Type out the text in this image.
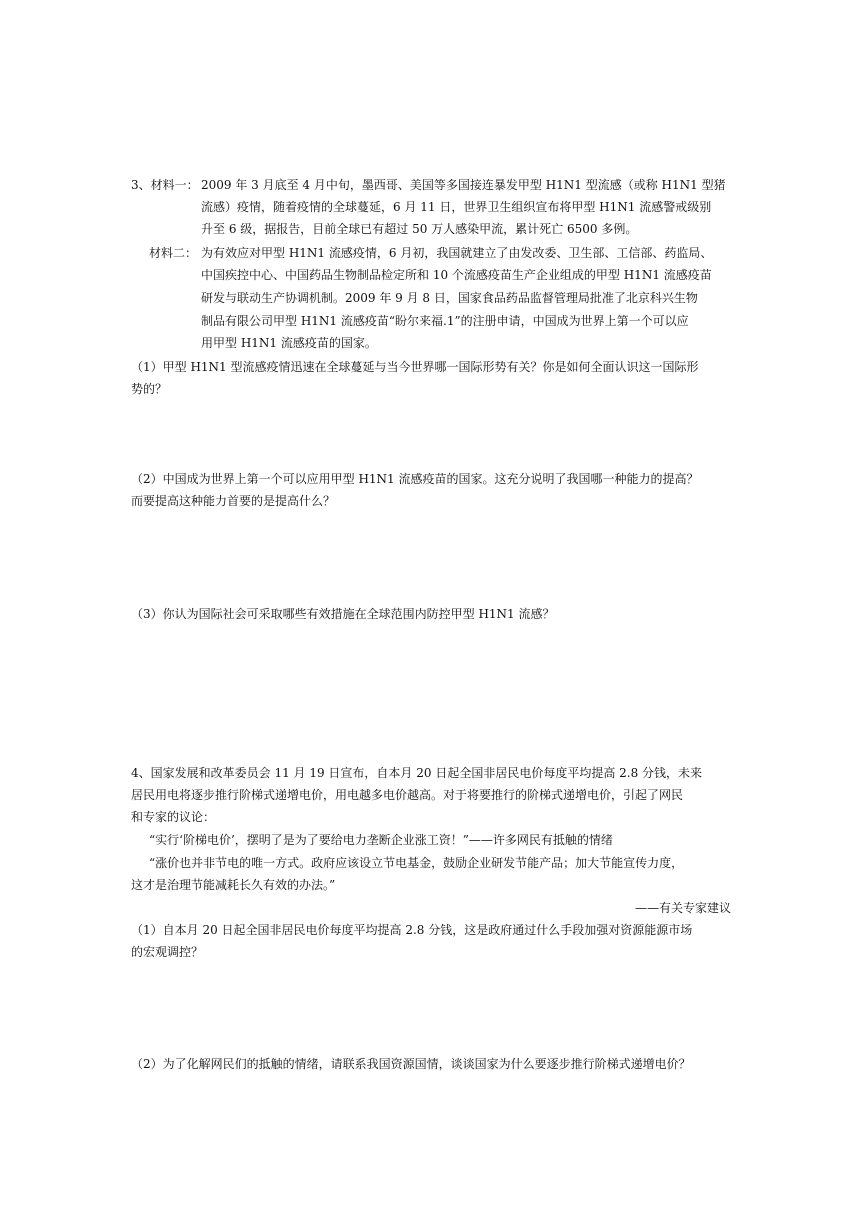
3、材料一： 2009 年 3 月底至 4 月中旬，墨西哥、美国等多国接连暴发甲型 H1N1 型流感（或称 H1N1 型猪
流感）疫情，随着疫情的全球蔓延，6 月 11 日，世界卫生组织宣布将甲型 H1N1 流感警戒级别
升至 6 级，据报告，目前全球已有超过 50 万人感染甲流，累计死亡 6500 多例。
材料二： 为有效应对甲型 H1N1 流感疫情，6 月初，我国就建立了由发改委、卫生部、工信部、药监局、
中国疾控中心、中国药品生物制品检定所和 10 个流感疫苗生产企业组成的甲型 H1N1 流感疫苗
研发与联动生产协调机制。2009 年 9 月 8 日，国家食品药品监督管理局批准了北京科兴生物
制品有限公司甲型 H1N1 流感疫苗“盼尔来福.1”的注册申请，中国成为世界上第一个可以应
用甲型 H1N1 流感疫苗的国家。
（1）甲型 H1N1 型流感疫情迅速在全球蔓延与当今世界哪一国际形势有关？你是如何全面认识这一国际形
势的？
（2）中国成为世界上第一个可以应用甲型 H1N1 流感疫苗的国家。这充分说明了我国哪一种能力的提高？
而要提高这种能力首要的是提高什么？
（3）你认为国际社会可采取哪些有效措施在全球范围内防控甲型 H1N1 流感？
4、国家发展和改革委员会 11 月 19 日宣布，自本月 20 日起全国非居民电价每度平均提高 2.8 分钱，未来
居民用电将逐步推行阶梯式递增电价，用电越多电价越高。对于将要推行的阶梯式递增电价，引起了网民
和专家的议论：
“实行‘阶梯电价’，摆明了是为了要给电力垄断企业涨工资！”——许多网民有抵触的情绪
“涨价也并非节电的唯一方式。政府应该设立节电基金，鼓励企业研发节能产品；加大节能宣传力度，
这才是治理节能减耗长久有效的办法。”
——有关专家建议
（1）自本月 20 日起全国非居民电价每度平均提高 2.8 分钱，这是政府通过什么手段加强对资源能源市场
的宏观调控？
（2）为了化解网民们的抵触的情绪，请联系我国资源国情，谈谈国家为什么要逐步推行阶梯式递增电价？
